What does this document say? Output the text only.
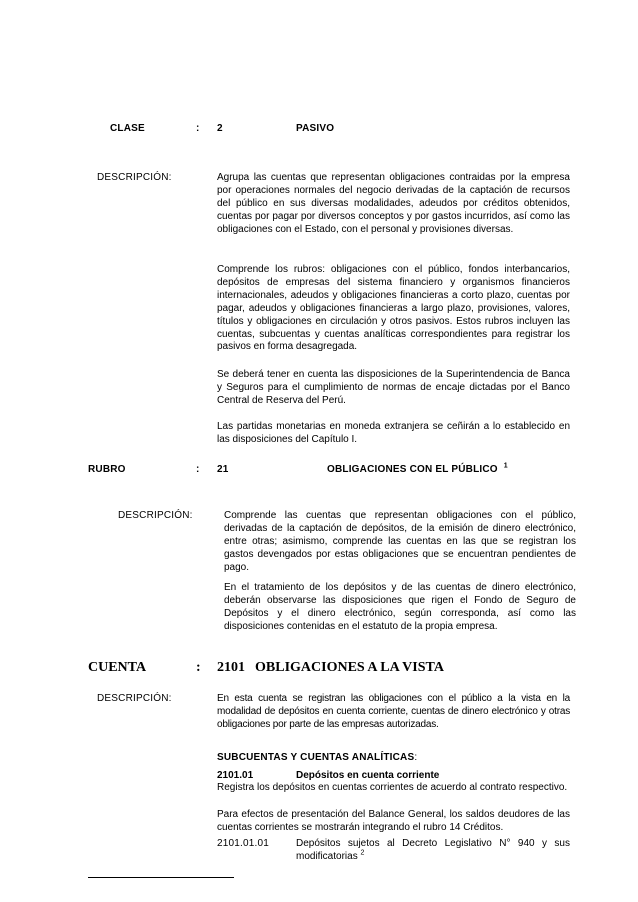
CLASE	: 2	PASIVO
DESCRIPCIÓN:	Agrupa las cuentas que representan obligaciones contraidas por la empresa por operaciones normales del negocio derivadas de la captación de recursos del público en sus diversas modalidades, adeudos por créditos obtenidos, cuentas por pagar por diversos conceptos y por gastos incurridos, así como las obligaciones con el Estado, con el personal y provisiones diversas.

Comprende los rubros: obligaciones con el público, fondos interbancarios, depósitos de empresas del sistema financiero y organismos financieros internacionales, adeudos y obligaciones financieras a corto plazo, cuentas por pagar, adeudos y obligaciones financieras a largo plazo, provisiones, valores, títulos y obligaciones en circulación y otros pasivos. Estos rubros incluyen las cuentas, subcuentas y cuentas analíticas correspondientes para registrar los pasivos en forma desagregada.

Se deberá tener en cuenta las disposiciones de la Superintendencia de Banca y Seguros para el cumplimiento de normas de encaje dictadas por el Banco Central de Reserva del Perú.

Las partidas monetarias en moneda extranjera se ceñirán a lo establecido en las disposiciones del Capítulo I.

RUBRO	: 21	OBLIGACIONES CON EL PÚBLICO $^1$
DESCRIPCIÓN:	Comprende las cuentas que representan obligaciones con el público, derivadas de la captación de depósitos, de la emisión de dinero electrónico, entre otras; asimismo, comprende las cuentas en las que se registran los gastos devengados por estas obligaciones que se encuentran pendientes de pago.

En el tratamiento de los depósitos y de las cuentas de dinero electrónico, deberán observarse las disposiciones que rigen el Fondo de Seguro de Depósitos y el dinero electrónico, según corresponda, así como las disposiciones contenidas en el estatuto de la propia empresa.

CUENTA	: 2101 OBLIGACIONES A LA VISTA
DESCRIPCIÓN:	En esta cuenta se registran las obligaciones con el público a la vista en la modalidad de depósitos en cuenta corriente, cuentas de dinero electrónico y otras obligaciones por parte de las empresas autorizadas.

SUBCUENTAS Y CUENTAS ANALÍTICAS:
2101.01	Depósitos en cuenta corriente

Registra los depósitos en cuentas corrientes de acuerdo al contrato respectivo.

Para efectos de presentación del Balance General, los saldos deudores de las cuentas corrientes se mostrarán integrando el rubro 14 Créditos.

2101.01.01	Depósitos sujetos al Decreto Legislativo N° 940 y sus modificatorias $^2$
